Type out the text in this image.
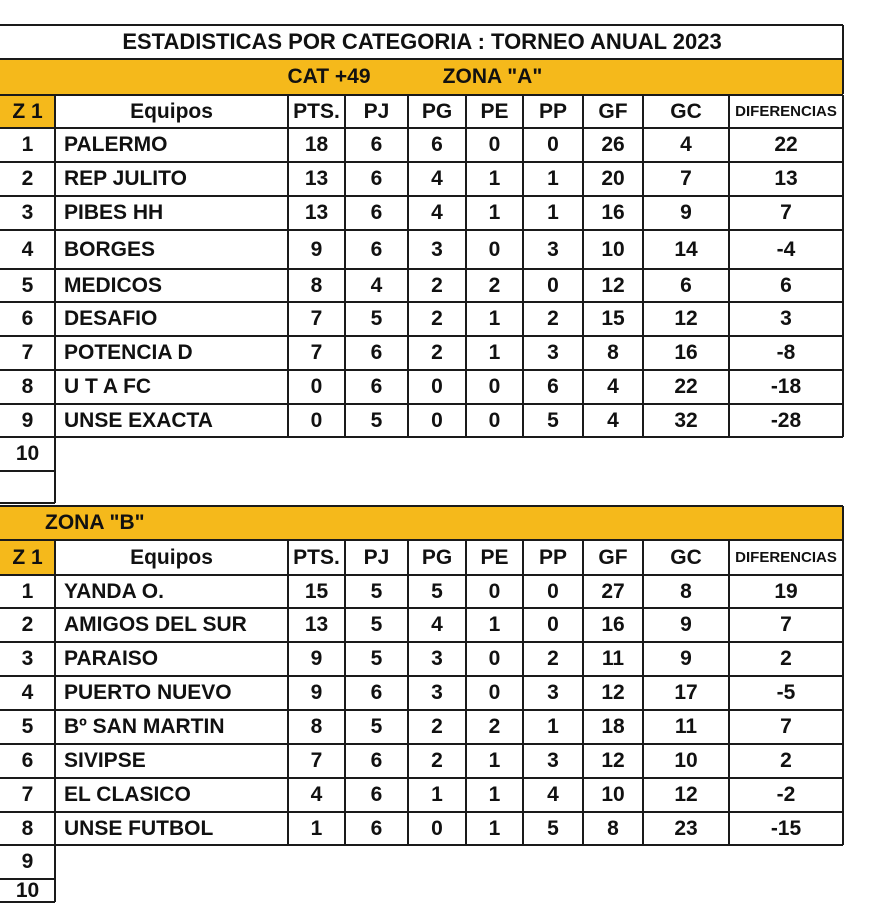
ESTADISTICAS POR CATEGORIA : TORNEO ANUAL 2023
CAT +49	ZONA "A"
ZONA "B"
Z 1	Equipos	PTS.	PJ	PG	PE	PP	GF	GC	DIFERENCIAS
1	PALERMO	18	6	6	0	0	26	4	22
2	REP JULITO	13	6	4	1	1	20	7	13
3	PIBES HH	13	6	4	1	1	16	9	7
4	BORGES	9	6	3	0	3	10	14	-4
5	MEDICOS	8	4	2	2	0	12	6	6
6	DESAFIO	7	5	2	1	2	15	12	3
7	POTENCIA D	7	6	2	1	3	8	16	-8
8	U T A FC	0	6	0	0	6	4	22	-18
9	UNSE EXACTA	0	5	0	0	5	4	32	-28
10
Z 1	Equipos	PTS.	PJ	PG	PE	PP	GF	GC	DIFERENCIAS
1	YANDA O.	15	5	5	0	0	27	8	19
2	AMIGOS DEL SUR	13	5	4	1	0	16	9	7
3	PARAISO	9	5	3	0	2	11	9	2
4	PUERTO NUEVO	9	6	3	0	3	12	17	-5
5	Bº SAN MARTIN	8	5	2	2	1	18	11	7
6	SIVIPSE	7	6	2	1	3	12	10	2
7	EL CLASICO	4	6	1	1	4	10	12	-2
8	UNSE FUTBOL	1	6	0	1	5	8	23	-15
9
10
